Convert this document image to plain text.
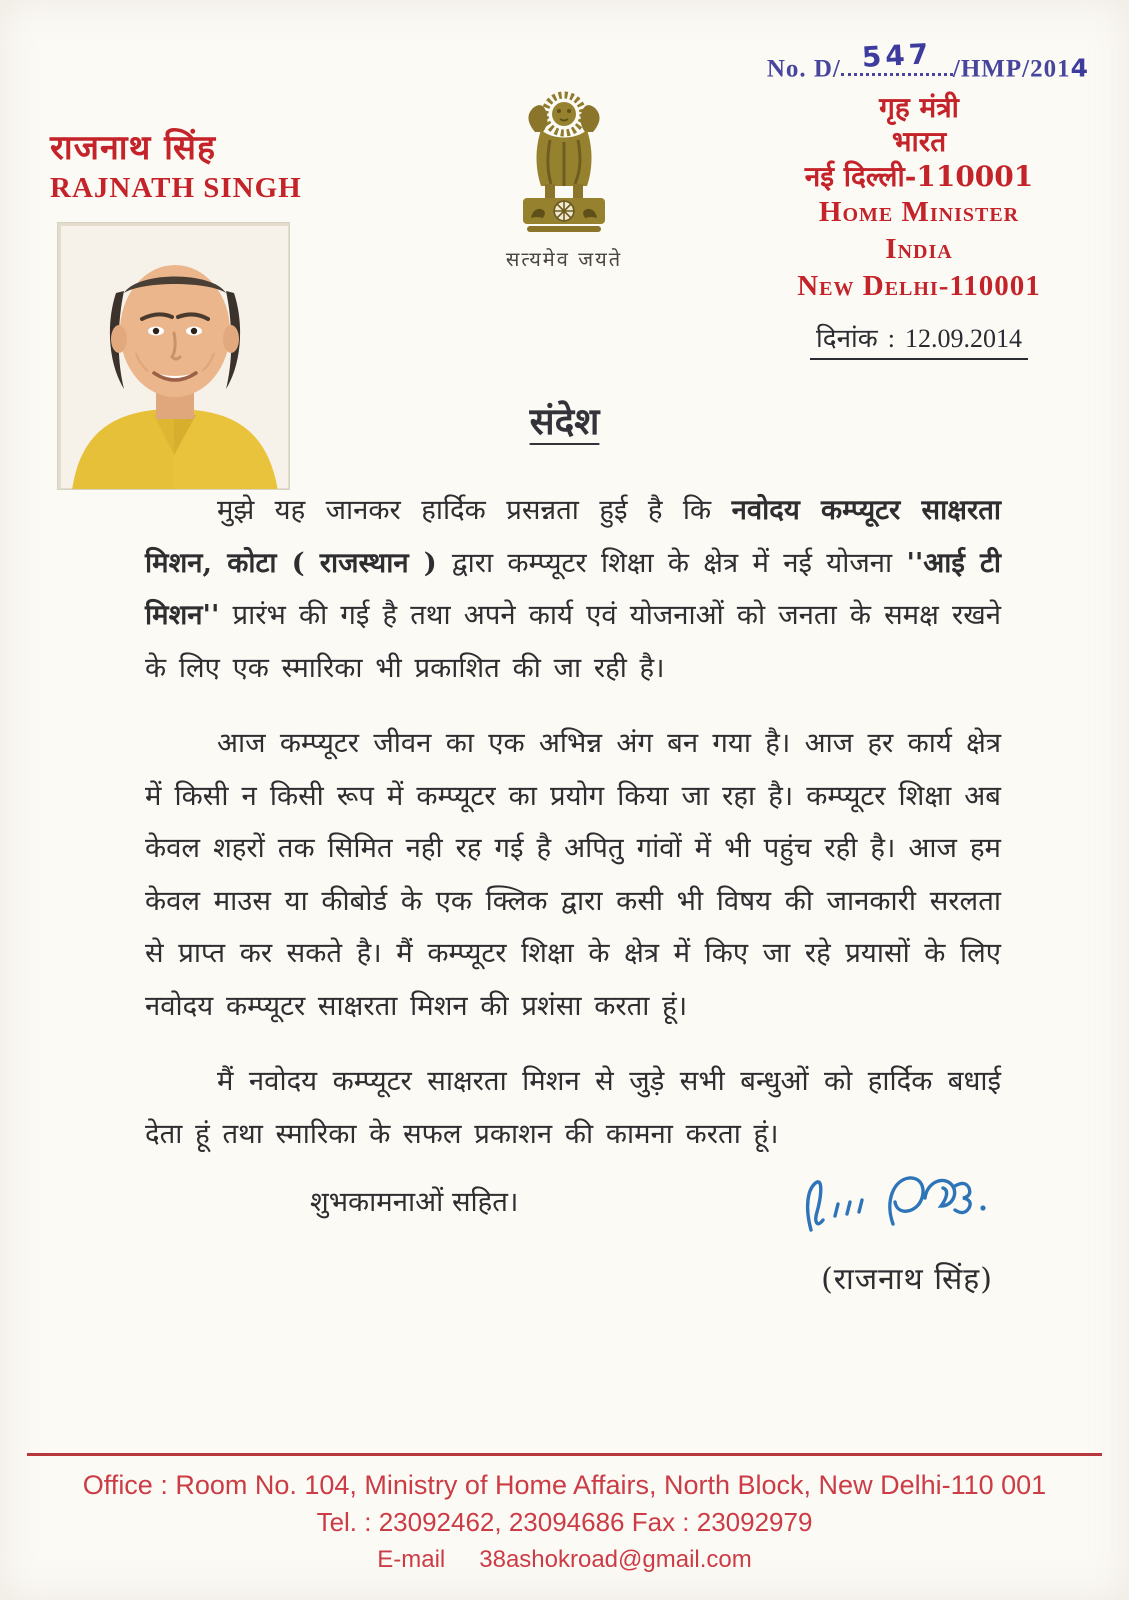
राजनाथ सिंह
RAJNATH SINGH
सत्यमेव जयते
No. D/ 547 /HMP/2014
गृह मंत्री
भारत
नई दिल्ली-110001
Home Minister
India
New Delhi-110001
दिनांक : 12.09.2014
संदेश

मुझे यह जानकर हार्दिक प्रसन्नता हुई है कि नवोदय कम्प्यूटर साक्षरता मिशन, कोटा ( राजस्थान ) द्वारा कम्प्यूटर शिक्षा के क्षेत्र में नई योजना ''आई टी मिशन'' प्रारंभ की गई है तथा अपने कार्य एवं योजनाओं को जनता के समक्ष रखने के लिए एक स्मारिका भी प्रकाशित की जा रही है।

आज कम्प्यूटर जीवन का एक अभिन्न अंग बन गया है। आज हर कार्य क्षेत्र में किसी न किसी रूप में कम्प्यूटर का प्रयोग किया जा रहा है। कम्प्यूटर शिक्षा अब केवल शहरों तक सिमित नही रह गई है अपितु गांवों में भी पहुंच रही है। आज हम केवल माउस या कीबोर्ड के एक क्लिक द्वारा कसी भी विषय की जानकारी सरलता से प्राप्त कर सकते है। मैं कम्प्यूटर शिक्षा के क्षेत्र में किए जा रहे प्रयासों के लिए नवोदय कम्प्यूटर साक्षरता मिशन की प्रशंसा करता हूं।

मैं नवोदय कम्प्यूटर साक्षरता मिशन से जुड़े सभी बन्धुओं को हार्दिक बधाई देता हूं तथा स्मारिका के सफल प्रकाशन की कामना करता हूं।

शुभकामनाओं सहित।
(राजनाथ सिंह)
Office : Room No. 104, Ministry of Home Affairs, North Block, New Delhi-110 001
Tel. : 23092462, 23094686 Fax : 23092979
E-mail 38ashokroad@gmail.com
